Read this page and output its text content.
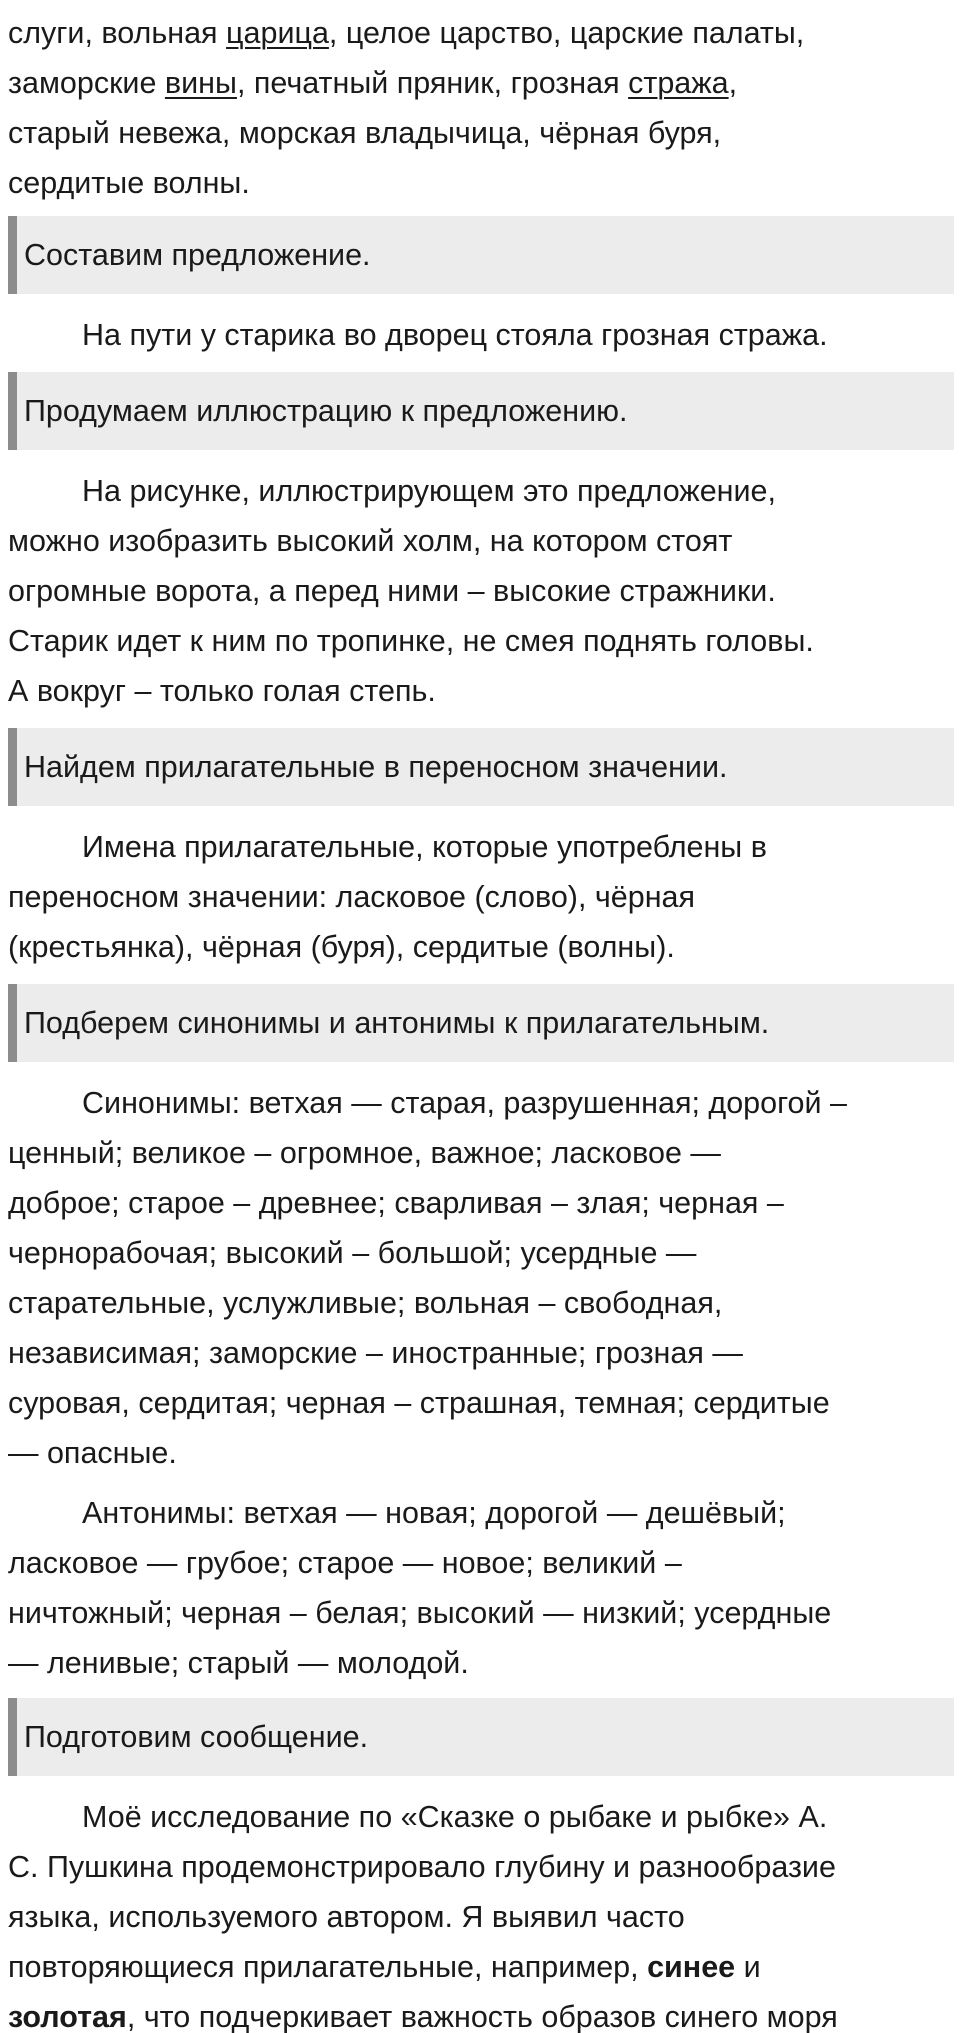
слуги, вольная царица, целое царство, царские палаты,
заморские вины, печатный пряник, грозная стража,
старый невежа, морская владычица, чёрная буря,
сердитые волны.

Составим предложение.

На пути у старика во дворец стояла грозная стража.

Продумаем иллюстрацию к предложению.

На рисунке, иллюстрирующем это предложение,
можно изобразить высокий холм, на котором стоят
огромные ворота, а перед ними – высокие стражники.
Старик идет к ним по тропинке, не смея поднять головы.
А вокруг – только голая степь.

Найдем прилагательные в переносном значении.

Имена прилагательные, которые употреблены в
переносном значении: ласковое (слово), чёрная
(крестьянка), чёрная (буря), сердитые (волны).

Подберем синонимы и антонимы к прилагательным.

Синонимы: ветхая — старая, разрушенная; дорогой –
ценный; великое – огромное, важное; ласковое —
доброе; старое – древнее; сварливая – злая; черная –
чернорабочая; высокий – большой; усердные —
старательные, услужливые; вольная – свободная,
независимая; заморские – иностранные; грозная —
суровая, сердитая; черная – страшная, темная; сердитые
— опасные.

Антонимы: ветхая — новая; дорогой — дешёвый;
ласковое — грубое; старое — новое; великий –
ничтожный; черная – белая; высокий — низкий; усердные
— ленивые; старый — молодой.

Подготовим сообщение.

Моё исследование по «Сказке о рыбаке и рыбке» А.
С. Пушкина продемонстрировало глубину и разнообразие
языка, используемого автором. Я выявил часто
повторяющиеся прилагательные, например, синее и
золотая, что подчеркивает важность образов синего моря
